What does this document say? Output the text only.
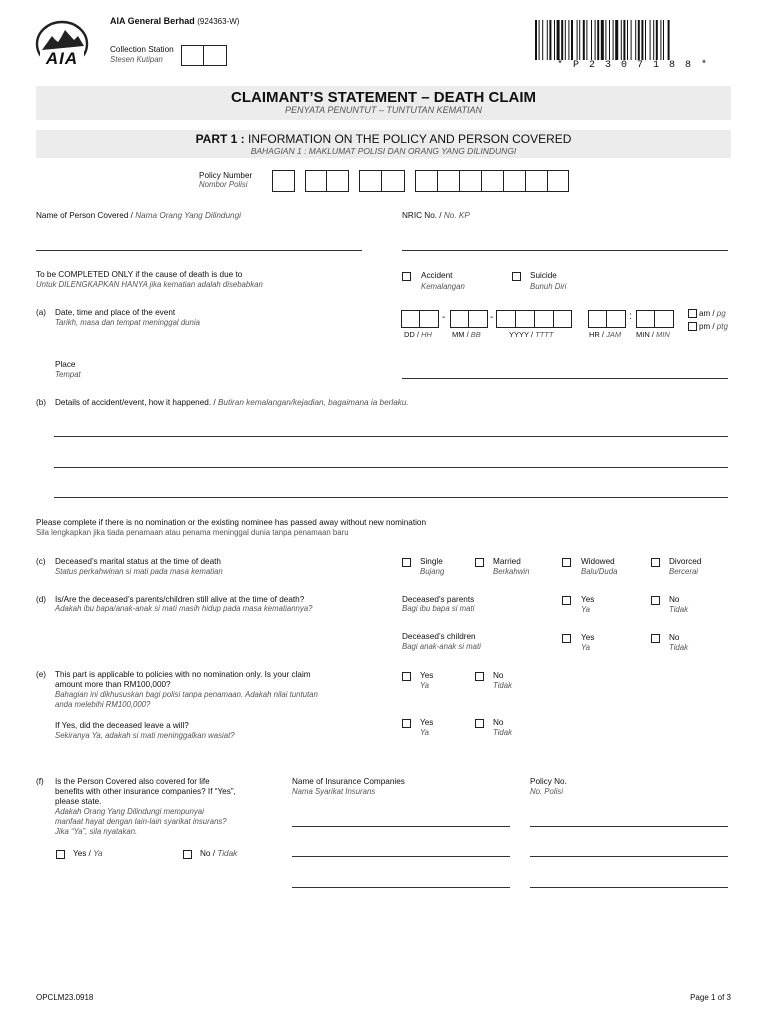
AIA
AIA General Berhad (924363-W)
Collection Station
Stesen Kutipan
* P 2 3 0 7 1 8 8 *
CLAIMANT’S STATEMENT – DEATH CLAIM
PENYATA PENUNTUT – TUNTUTAN KEMATIAN
PART 1 : INFORMATION ON THE POLICY AND PERSON COVERED
BAHAGIAN 1 : MAKLUMAT POLISI DAN ORANG YANG DILINDUNGI
Policy Number
Nombor Polisi
Name of Person Covered / Nama Orang Yang Dilindungi	NRIC No. / No. KP
To be COMPLETED ONLY if the cause of death is due to
Untuk DILENGKAPKAN HANYA jika kematian adalah disebabkan
Accident
Kemalangan
Suicide
Bunuh Diri
(a) Date, time and place of the event
Tarikh, masa dan tempat meninggal dunia	-	-	:
DD / HH	MM / BB	YYYY / TTTT	HR / JAM MIN / MIN
am / pg
pm / ptg
Place
Tempat
(b) Details of accident/event, how it happened. / Butiran kemalangan/kejadian, bagaimana ia berlaku.
Please complete if there is no nomination or the existing nominee has passed away without new nomination
Sila lengkapkan jika tiada penamaan atau penama meninggal dunia tanpa penamaan baru
(c) Deceased’s marital status at the time of death
Status perkahwinan si mati pada masa kematian
Single
Bujang
Married
Berkahwin
Widowed
Balu/Duda
Divorced
Bercerai
(d) Is/Are the deceased’s parents/children still alive at the time of death?
Adakah ibu bapa/anak-anak si mati masih hidup pada masa kematiannya?
Deceased’s parents
Bagi ibu bapa si mati
Yes
Ya
No
Tidak
Deceased’s children
Bagi anak-anak si mati
Yes
Ya
No
Tidak
(e) This part is applicable to policies with no nomination only. Is your claim
amount more than RM100,000?
Bahagian ini dikhususkan bagi polisi tanpa penamaan. Adakah nilai tuntutan
anda melebihi RM100,000?
Yes
Ya
No
Tidak
If Yes, did the deceased leave a will?
Sekiranya Ya, adakah si mati meninggalkan wasiat?
Yes
Ya
No
Tidak
(f) Is the Person Covered also covered for life
benefits with other insurance companies? If “Yes”,
please state.
Adakah Orang Yang Dilindungi mempunyai
manfaat hayat dengan lain-lain syarikat insurans?
Jika “Ya”, sila nyatakan.
Yes / Ya	No / Tidak
Name of Insurance Companies
Nama Syarikat Insurans
Policy No.
No. Polisi
OPCLM23.0918	Page 1 of 3
